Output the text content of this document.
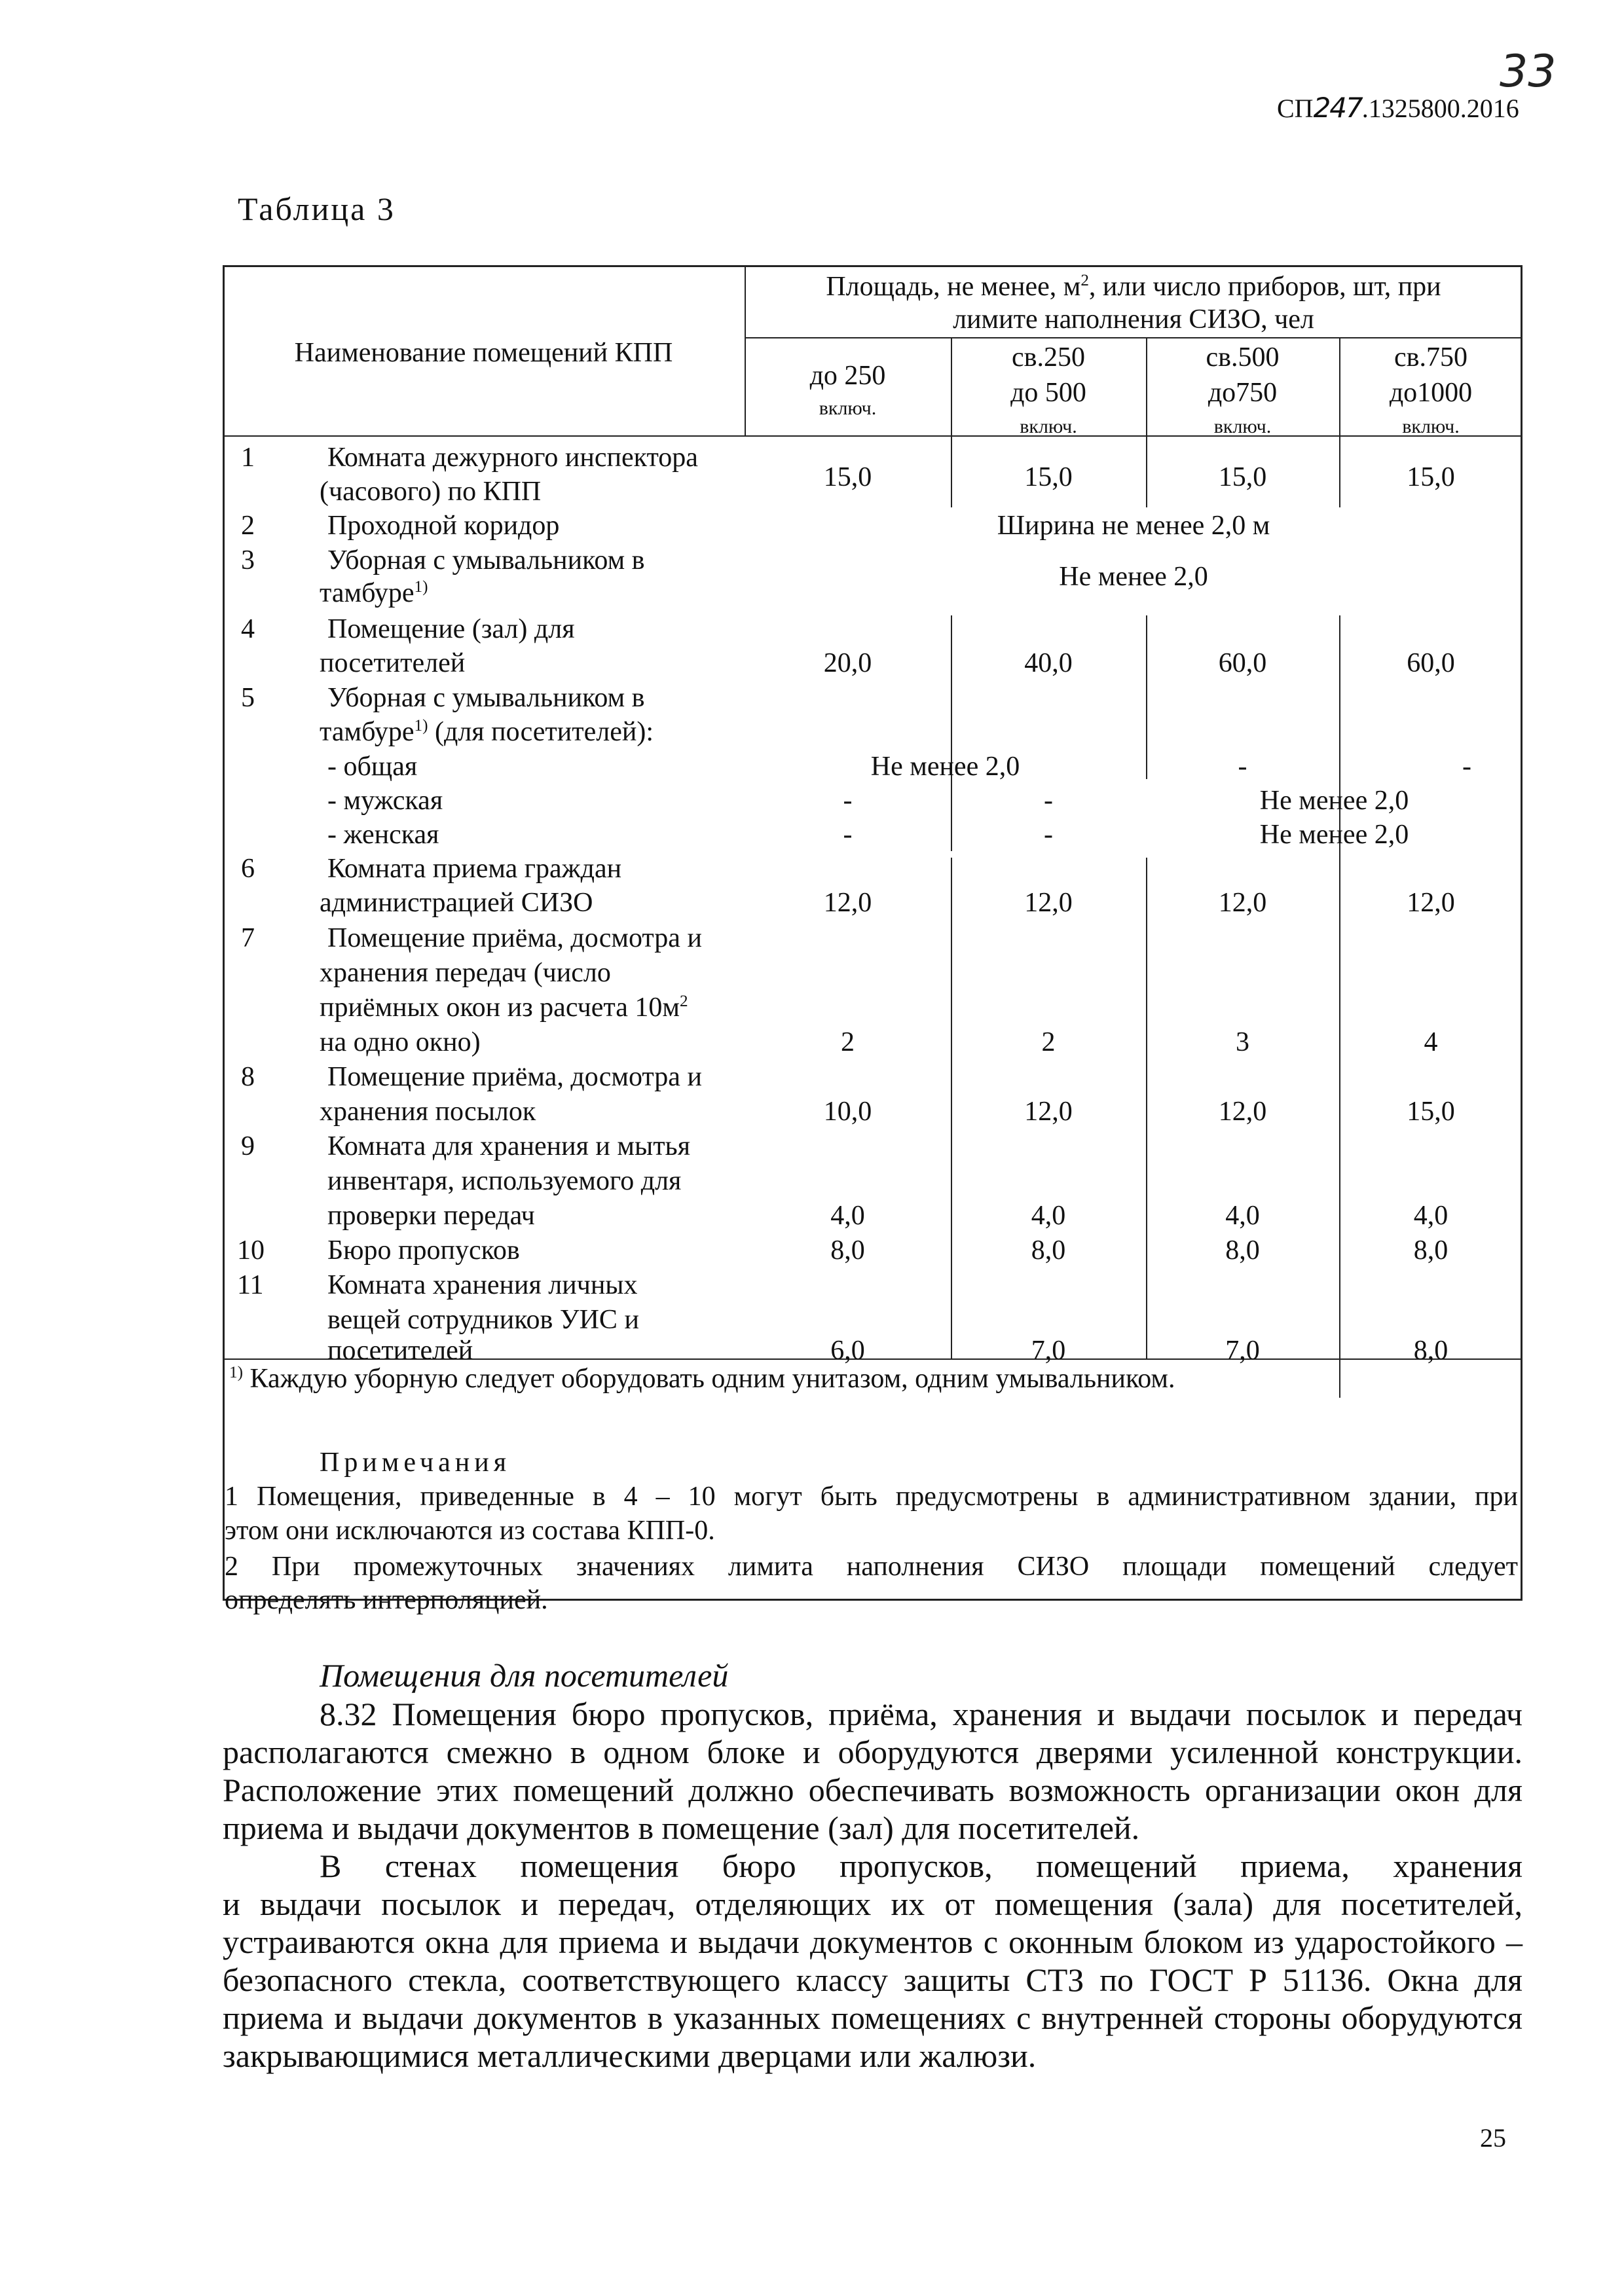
33
СП247.1325800.2016
Таблица 3
Наименование помещений КПП
Площадь, не менее, $м^2$, или число приборов, шт, при
лимите наполнения СИЗО, чел
до 250
включ.
св.250
до 500
включ.
св.500
до750
включ.
св.750
до1000
включ.
1	Комната дежурного инспектора
(часового) по КПП	15,0	15,0	15,0	15,0
2	Проходной коридор	Ширина не менее 2,0 м
3	Уборная с умывальником в
тамбуре$^{1)}$	Не менее 2,0
4	Помещение (зал) для
посетителей	20,0	40,0	60,0	60,0
5	Уборная с умывальником в
тамбуре$^{1)}$ (для посетителей):
- общая	Не менее 2,0	-	-
- мужская	-	-	Не менее 2,0
- женская	-	-	Не менее 2,0
6	Комната приема граждан
администрацией СИЗО	12,0	12,0	12,0	12,0
7	Помещение приёма, досмотра и
хранения передач (число
приёмных окон из расчета $10м^2$
на одно окно)	2	2	3	4
8	Помещение приёма, досмотра и
хранения посылок	10,0	12,0	12,0	15,0
9	Комната для хранения и мытья
инвентаря, используемого для
проверки передач	4,0	4,0	4,0	4,0
10 Бюро пропусков	8,0	8,0	8,0	8,0
11 Комната хранения личных
вещей сотрудников УИС и
посетителей	6,0	7,0	7,0	8,0
$^{1)}$ Каждую уборную следует оборудовать одним унитазом, одним умывальником.
Примечания
1 Помещения, приведенные в 4 – 10 могут быть предусмотрены в административном здании, при
этом они исключаются из состава КПП-0.
2 При промежуточных значениях лимита наполнения СИЗО площади помещений следует
определять интерполяцией.
Помещения для посетителей
8.32 Помещения бюро пропусков, приёма, хранения и выдачи посылок и передач
располагаются смежно в одном блоке и оборудуются дверями усиленной конструкции.
Расположение этих помещений должно обеспечивать возможность организации окон для
приема и выдачи документов в помещение (зал) для посетителей.
В стенах помещения бюро пропусков, помещений приема, хранения
и выдачи посылок и передач, отделяющих их от помещения (зала) для посетителей,
устраиваются окна для приема и выдачи документов с оконным блоком из ударостойкого –
безопасного стекла, соответствующего классу защиты СТЗ по ГОСТ Р 51136. Окна для
приема и выдачи документов в указанных помещениях с внутренней стороны оборудуются
закрывающимися металлическими дверцами или жалюзи.
25
